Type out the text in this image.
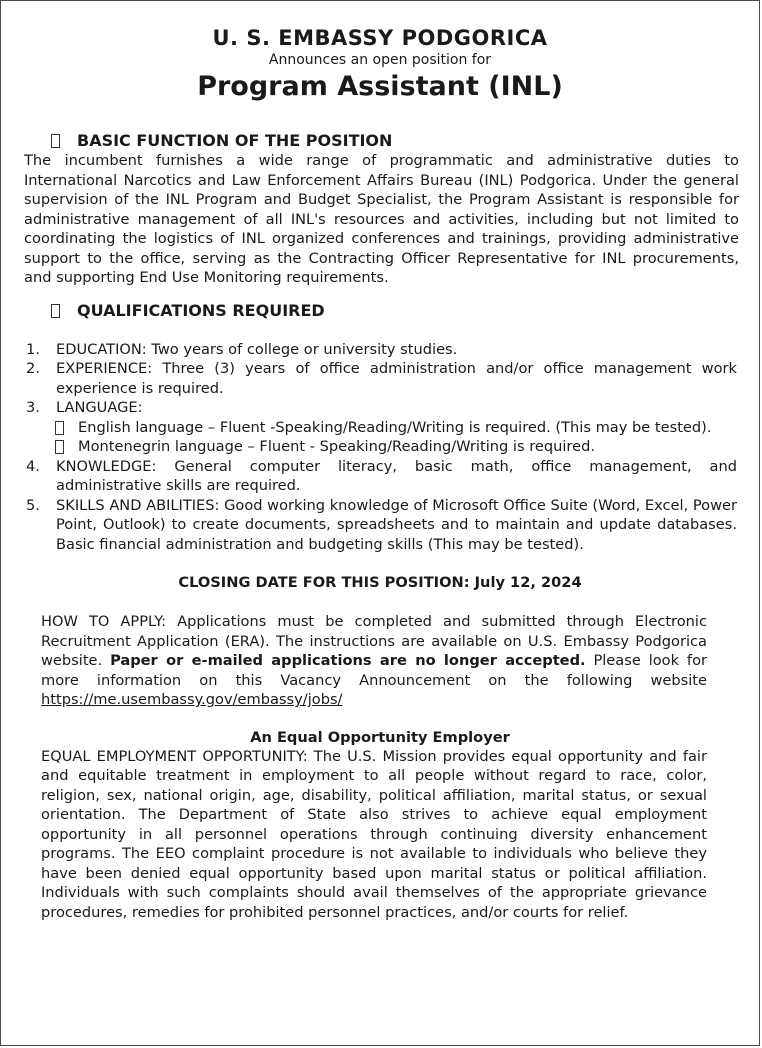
U. S. EMBASSY PODGORICA
Announces an open position for
Program Assistant (INL)
BASIC FUNCTION OF THE POSITION
The incumbent furnishes a wide range of programmatic and administrative duties to International Narcotics and Law Enforcement Affairs Bureau (INL) Podgorica. Under the general supervision of the INL Program and Budget Specialist, the Program Assistant is responsible for administrative management of all INL's resources and activities, including but not limited to coordinating the logistics of INL organized conferences and trainings, providing administrative support to the office, serving as the Contracting Officer Representative for INL procurements, and supporting End Use Monitoring requirements.
QUALIFICATIONS REQUIRED
1. EDUCATION: Two years of college or university studies.
2. EXPERIENCE: Three (3) years of office administration and/or office management work experience is required.
3. LANGUAGE:
English language – Fluent -Speaking/Reading/Writing is required. (This may be tested).
Montenegrin language – Fluent - Speaking/Reading/Writing is required.
4. KNOWLEDGE: General computer literacy, basic math, office management, and administrative skills are required.
5. SKILLS AND ABILITIES: Good working knowledge of Microsoft Office Suite (Word, Excel, Power Point, Outlook) to create documents, spreadsheets and to maintain and update databases. Basic financial administration and budgeting skills (This may be tested).
CLOSING DATE FOR THIS POSITION: July 12, 2024
HOW TO APPLY: Applications must be completed and submitted through Electronic Recruitment Application (ERA). The instructions are available on U.S. Embassy Podgorica website. Paper or e-mailed applications are no longer accepted. Please look for more information on this Vacancy Announcement on the following website https://me.usembassy.gov/embassy/jobs/
An Equal Opportunity Employer
EQUAL EMPLOYMENT OPPORTUNITY: The U.S. Mission provides equal opportunity and fair and equitable treatment in employment to all people without regard to race, color, religion, sex, national origin, age, disability, political affiliation, marital status, or sexual orientation. The Department of State also strives to achieve equal employment opportunity in all personnel operations through continuing diversity enhancement programs. The EEO complaint procedure is not available to individuals who believe they have been denied equal opportunity based upon marital status or political affiliation. Individuals with such complaints should avail themselves of the appropriate grievance procedures, remedies for prohibited personnel practices, and/or courts for relief.
